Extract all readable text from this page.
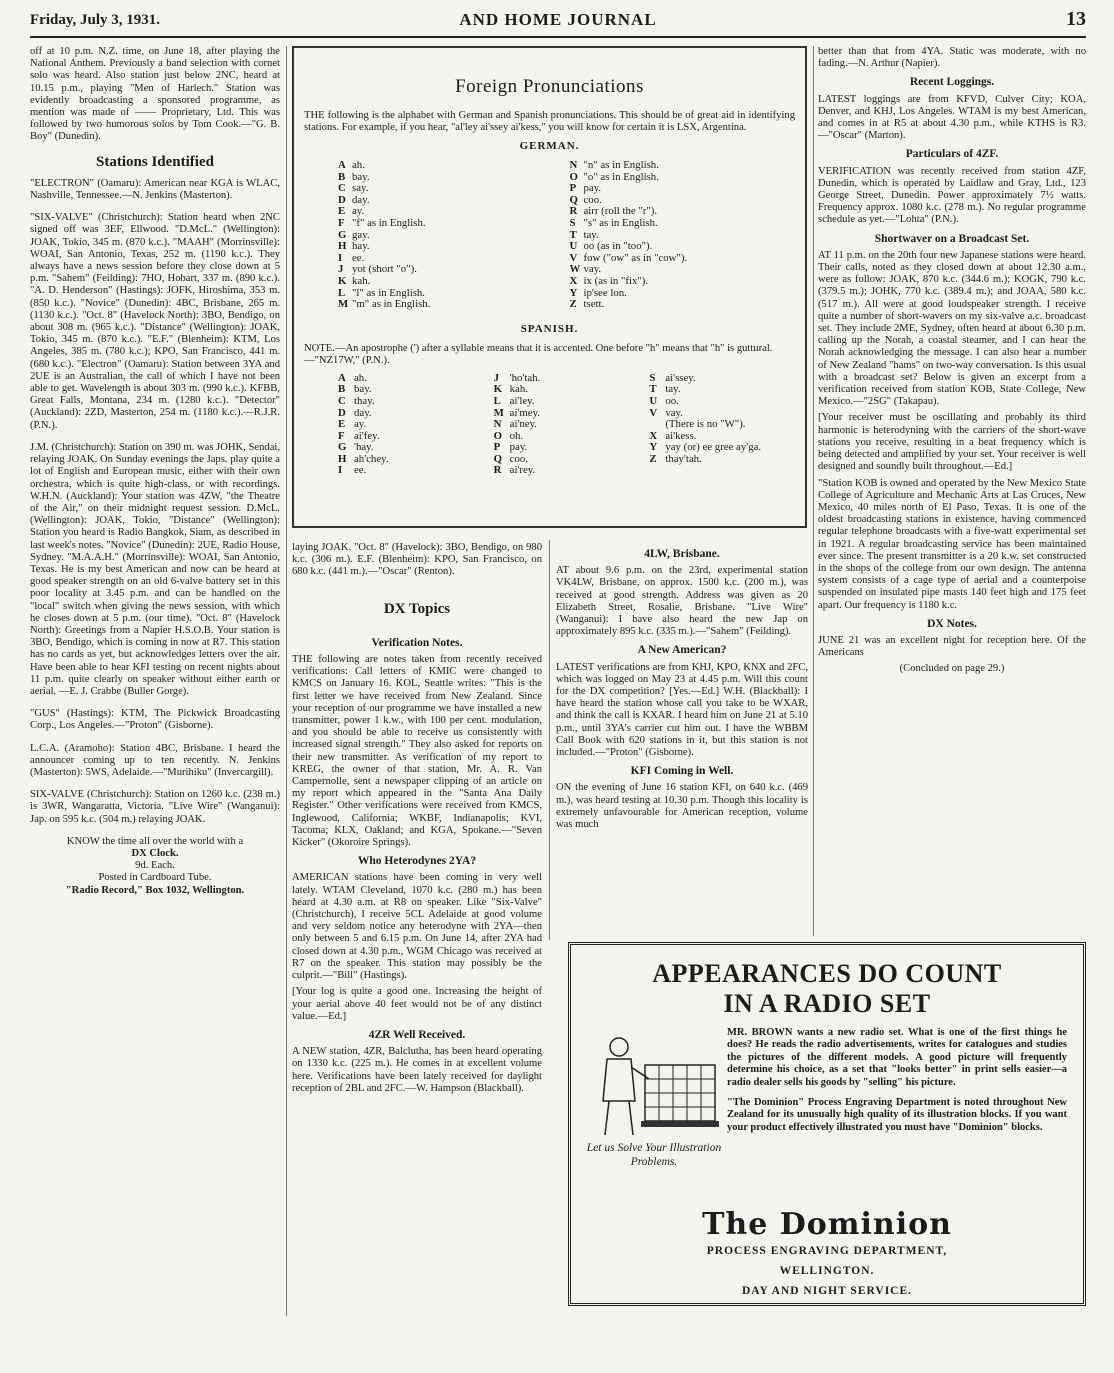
Friday, July 3, 1931.	AND HOME JOURNAL	13

off at 10 p.m. N.Z. time, on June 18, after playing the National Anthem. Previously a band selection with cornet solo was heard. Also station just below 2NC, heard at 10.15 p.m., playing "Men of Harlech." Station was evidently broadcasting a sponsored programme, as mention was made of —— Proprietary, Ltd. This was followed by two humorous solos by Tom Cook.—"G. B. Boy" (Dunedin).

Stations Identified

"ELECTRON" (Oamaru): American near KGA is WLAC, Nashville, Tennessee.—N. Jenkins (Masterton).

"SIX-VALVE" (Christchurch): Station heard when 2NC signed off was 3EF, Ellwood. "D.McL." (Wellington): JOAK, Tokio, 345 m. (870 k.c.). "MAAH" (Morrinsville): WOAI, San Antonio, Texas, 252 m. (1190 k.c.). They always have a news session before they close down at 5 p.m. "Sahem" (Feilding): 7HO, Hobart, 337 m. (890 k.c.). "A. D. Henderson" (Hastings): JOFK, Hiroshima, 353 m. (850 k.c.). "Novice" (Dunedin): 4BC, Brisbane, 265 m. (1130 k.c.). "Oct. 8" (Havelock North): 3BO, Bendigo, on about 308 m. (965 k.c.). "Distance" (Wellington): JOAK, Tokio, 345 m. (870 k.c.). "E.F." (Blenheim): KTM, Los Angeles, 385 m. (780 k.c.); KPO, San Francisco, 441 m. (680 k.c.). "Electron" (Oamaru): Station between 3YA and 2UE is an Australian, the call of which I have not been able to get. Wavelength is about 303 m. (990 k.c.). KFBB, Great Falls, Montana, 234 m. (1280 k.c.). "Detector" (Auckland): 2ZD, Masterton, 254 m. (1180 k.c.).—R.J.R. (P.N.).

J.M. (Christchurch): Station on 390 m. was JOHK, Sendai, relaying JOAK. On Sunday evenings the Japs. play quite a lot of English and European music, either with their own orchestra, which is quite high-class, or with recordings. W.H.N. (Auckland): Your station was 4ZW, "the Theatre of the Air," on their midnight request session. D.McL. (Wellington): JOAK, Tokio, "Distance" (Wellington): Station you heard is Radio Bangkok, Siam, as described in last week's notes. "Novice" (Dunedin): 2UE, Radio House, Sydney. "M.A.A.H." (Morrinsville): WOAI, San Antonio, Texas. He is my best American and now can be heard at good speaker strength on an old 6-valve battery set in this poor locality at 3.45 p.m. and can be handled on the "local" switch when giving the news session, with which he closes down at 5 p.m. (our time). "Oct. 8" (Havelock North): Greetings from a Napier H.S.O.B. Your station is 3BO, Bendigo, which is coming in now at R7. This station has no cards as yet, but acknowledges letters over the air. Have been able to hear KFI testing on recent nights about 11 p.m. quite clearly on speaker without either earth or aerial. —E. J. Crabbe (Buller Gorge).

"GUS" (Hastings): KTM, The Pickwick Broadcasting Corp., Los Angeles.—"Proton" (Gisborne).

L.C.A. (Aramoho): Station 4BC, Brisbane. I heard the announcer coming up to ten recently. N. Jenkins (Masterton): 5WS, Adelaide.—"Murihiku" (Invercargill).

SIX-VALVE (Christchurch): Station on 1260 k.c. (238 m.) is 3WR, Wangaratta, Victoria. "Live Wire" (Wanganui): Jap. on 595 k.c. (504 m.) relaying JOAK.

KNOW the time all over the world with a
DX Clock.
9d. Each.
Posted in Cardboard Tube.
"Radio Record," Box 1032, Wellington.
Foreign Pronunciations
THE following is the alphabet with German and Spanish pronunciations. This should be of great aid in identifying stations. For example, if you hear, "al'ley ai'ssey ai'kess," you will know for certain it is LSX, Argentina.
GERMAN.
A ah.
B bay.
C say.
D day.
E ay.
F "f" as in English.
G gay.
H hay.
I ee.
J yot (short "o").
K kah.
L "l" as in English.
M "m" as in English.
N "n" as in English.
O "o" as in English.
P pay.
Q coo.
R airr (roll the "r").
S "s" as in English.
T tay.
U oo (as in "too").
V fow ("ow" as in "cow").
W vay.
X ix (as in "fix").
Y ip'see lon.
Z tsett.
SPANISH.
NOTE.—An apostrophe (') after a syllable means that it is accented. One before "h" means that "h" is guttural.—"NZ17W," (P.N.).
A ah.
B bay.
C thay.
D day.
E ay.
F ai'fey.
G 'hay.
H ah'chey.
I	ee.
J 'ho'tah.
K kah.
L ai'ley.
M ai'mey.
N ai'ney.
O oh.
P pay.
Q coo.
R ai'rey.
S ai'ssey.
T tay.
U oo.
V vay.
(There is no "W").
X ai'kess.
Y yay (or) ee gree ay'ga.
Z thay'tah.

laying JOAK. "Oct. 8" (Havelock): 3BO, Bendigo, on 980 k.c. (306 m.). E.F. (Blenheim): KPO, San Francisco, on 680 k.c. (441 m.).—"Oscar" (Renton).

DX Topics
Verification Notes.

THE following are notes taken from recently received verifications: Call letters of KMIC were changed to KMCS on January 16. KOL, Seattle writes: "This is the first letter we have received from New Zealand. Since your reception of our programme we have installed a new transmitter, power 1 k.w., with 100 per cent. modulation, and you should be able to receive us consistently with increased signal strength." They also asked for reports on their new transmitter. As verification of my report to KREG, the owner of that station, Mr. A. R. Van Campernolle, sent a newspaper clipping of an article on my report which appeared in the "Santa Ana Daily Register." Other verifications were received from KMCS, Inglewood, California; WKBF, Indianapolis; KVI, Tacoma; KLX, Oakland; and KGA, Spokane.—"Seven Kicker" (Okoroire Springs).

Who Heterodynes 2YA?

AMERICAN stations have been coming in very well lately. WTAM Cleveland, 1070 k.c. (280 m.) has been heard at 4.30 a.m. at R8 on speaker. Like "Six-Valve" (Christchurch), I receive 5CL Adelaide at good volume and very seldom notice any heterodyne with 2YA—then only between 5 and 6.15 p.m. On June 14, after 2YA had closed down at 4.30 p.m., WGM Chicago was received at R7 on the speaker. This station may possibly be the culprit.—"Bill" (Hastings).

[Your log is quite a good one. Increasing the height of your aerial above 40 feet would not be of any distinct value.—Ed.]

4ZR Well Received.

A NEW station, 4ZR, Balclutha, has been heard operating on 1330 k.c. (225 m.). He comes in at excellent volume here. Verifications have been lately received for daylight reception of 2BL and 2FC.—W. Hampson (Blackball).

4LW, Brisbane.

AT about 9.6 p.m. on the 23rd, experimental station VK4LW, Brisbane, on approx. 1500 k.c. (200 m.), was received at good strength. Address was given as 20 Elizabeth Street, Rosalie, Brisbane. "Live Wire" (Wanganui): I have also heard the new Jap on approximately 895 k.c. (335 m.).—"Sahem" (Feilding).

A New American?

LATEST verifications are from KHJ, KPO, KNX and 2FC, which was logged on May 23 at 4.45 p.m. Will this count for the DX competition? [Yes.—Ed.] W.H. (Blackball): I have heard the station whose call you take to be WXAR, and think the call is KXAR. I heard him on June 21 at 5.10 p.m., until 3YA's carrier cut him out. I have the WBBM Call Book with 620 stations in it, but this station is not included.—"Proton" (Gisborne).

KFI Coming in Well.

ON the evening of June 16 station KFI, on 640 k.c. (469 m.), was heard testing at 10.30 p.m. Though this locality is extremely unfavourable for American reception, volume was much

better than that from 4YA. Static was moderate, with no fading.—N. Arthur (Napier).

Recent Loggings.

LATEST loggings are from KFVD, Culver City; KOA, Denver, and KHJ, Los Angeles. WTAM is my best American, and comes in at R5 at about 4.30 p.m., while KTHS is R3.—"Oscar" (Marton).

Particulars of 4ZF.

VERIFICATION was recently received from station 4ZF, Dunedin, which is operated by Laidlaw and Gray, Ltd., 123 George Street, Dunedin. Power approximately 7½ watts. Frequency approx. 1080 k.c. (278 m.). No regular programme schedule as yet.—"Lohta" (P.N.).

Shortwaver on a Broadcast Set.

AT 11 p.m. on the 20th four new Japanese stations were heard. Their calls, noted as they closed down at about 12.30 a.m., were as follow: JOAK, 870 k.c. (344.6 m.); KOGK, 790 k.c. (379.5 m.); JOHK, 770 k.c. (389.4 m.); and JOAA, 580 k.c. (517 m.). All were at good loudspeaker strength. I receive quite a number of short-wavers on my six-valve a.c. broadcast set. They include 2ME, Sydney, often heard at about 6.30 p.m. calling up the Norah, a coastal steamer, and I can hear the Norah acknowledging the message. I can also hear a number of New Zealand "hams" on two-way conversation. Is this usual with a broadcast set? Below is given an excerpt from a verification received from station KOB, State College, New Mexico.—"2SG" (Takapau).

[Your receiver must be oscillating and probably its third harmonic is heterodyning with the carriers of the short-wave stations you receive, resulting in a beat frequency which is being detected and amplified by your set. Your receiver is well designed and soundly built throughout.—Ed.]

"Station KOB is owned and operated by the New Mexico State College of Agriculture and Mechanic Arts at Las Cruces, New Mexico, 40 miles north of El Paso, Texas. It is one of the oldest broadcasting stations in existence, having commenced regular telephone broadcasts with a five-watt experimental set in 1921. A regular broadcasting service has been maintained ever since. The present transmitter is a 20 k.w. set constructed in the shops of the college from our own design. The antenna system consists of a cage type of aerial and a counterpoise suspended on insulated pipe masts 140 feet high and 175 feet apart. Our frequency is 1180 k.c.

DX Notes.

JUNE 21 was an excellent night for reception here. Of the Americans

(Concluded on page 29.)

APPEARANCES DO COUNT
IN A RADIO SET

MR. BROWN wants a new radio set. What is one of the first things he does? He reads the radio advertisements, writes for catalogues and studies the pictures of the different models. A good picture will frequently determine his choice, as a set that "looks better" in print sells easier—a radio dealer sells his goods by "selling" his picture.

"The Dominion" Process Engraving Department is noted throughout New Zealand for its unusually high quality of its illustration blocks. If you want your product effectively illustrated you must have "Dominion" blocks.

Let us Solve Your Illustration Problems.
The Dominion
PROCESS ENGRAVING DEPARTMENT,
WELLINGTON.
DAY AND NIGHT SERVICE.
